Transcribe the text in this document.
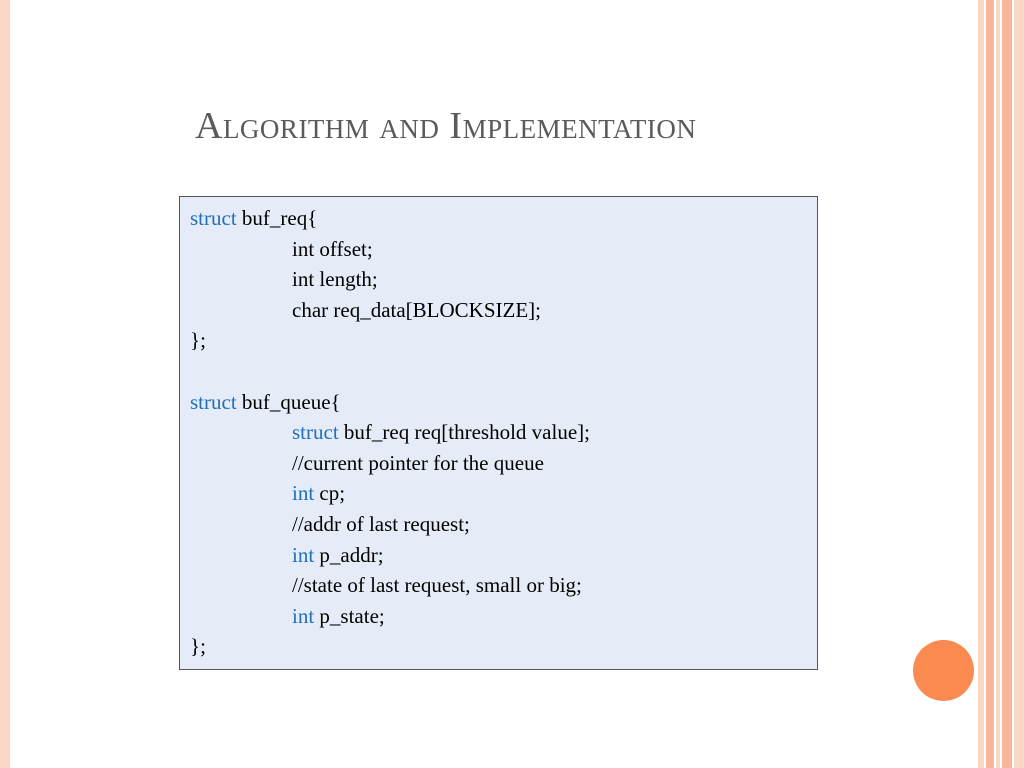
Algorithm and Implementation
struct buf_req{
int offset;
int length;
char req_data[BLOCKSIZE];
};
struct buf_queue{
struct buf_req req[threshold value];
//current pointer for the queue
int cp;
//addr of last request;
int p_addr;
//state of last request, small or big;
int p_state;
};
